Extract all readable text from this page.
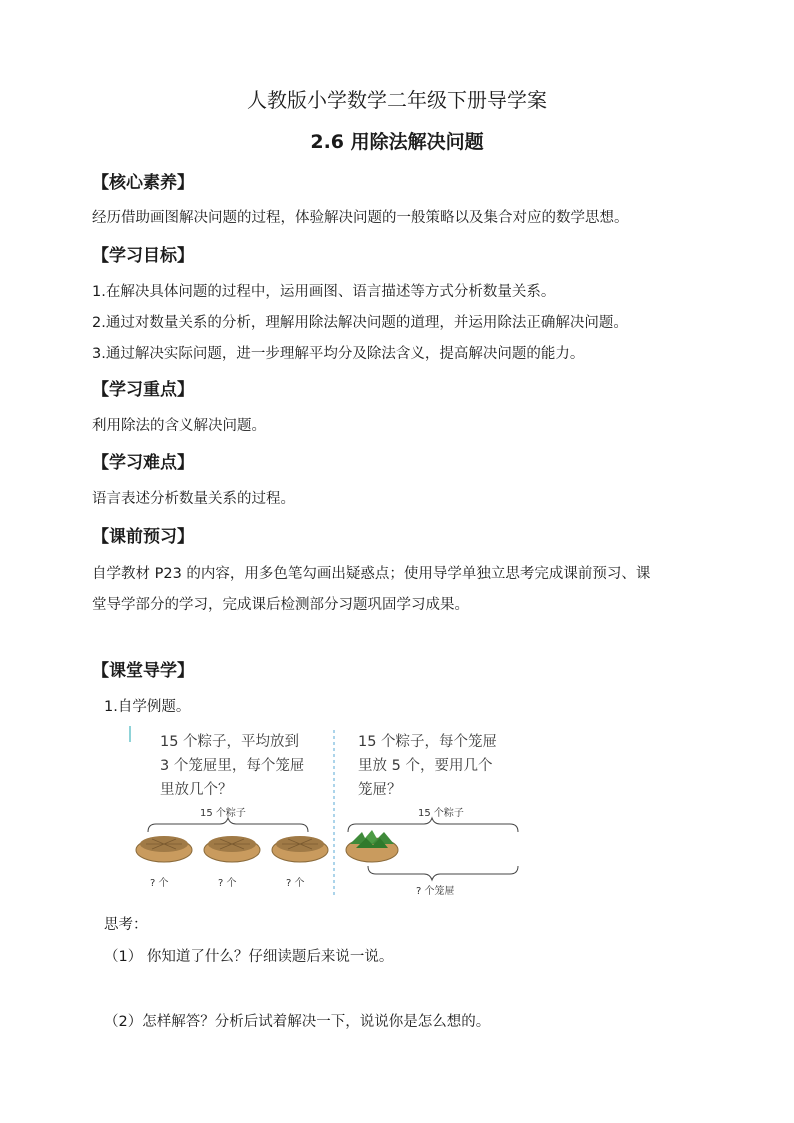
人教版小学数学二年级下册导学案
2.6 用除法解决问题
【核心素养】
经历借助画图解决问题的过程，体验解决问题的一般策略以及集合对应的数学思想。
【学习目标】
1.在解决具体问题的过程中，运用画图、语言描述等方式分析数量关系。
2.通过对数量关系的分析，理解用除法解决问题的道理，并运用除法正确解决问题。
3.通过解决实际问题，进一步理解平均分及除法含义，提高解决问题的能力。
【学习重点】
利用除法的含义解决问题。
【学习难点】
语言表述分析数量关系的过程。
【课前预习】
自学教材 P23 的内容，用多色笔勾画出疑惑点；使用导学单独立思考完成课前预习、课
堂导学部分的学习，完成课后检测部分习题巩固学习成果。
【课堂导学】
1.自学例题。
15 个粽子，平均放到
3 个笼屉里，每个笼屉
里放几个？
15 个粽子，每个笼屉
里放 5 个，要用几个
笼屉？
15 个粽子
? 个	? 个	? 个
15 个粽子
? 个笼屉
思考：
（1） 你知道了什么？仔细读题后来说一说。
（2）怎样解答？分析后试着解决一下，说说你是怎么想的。
